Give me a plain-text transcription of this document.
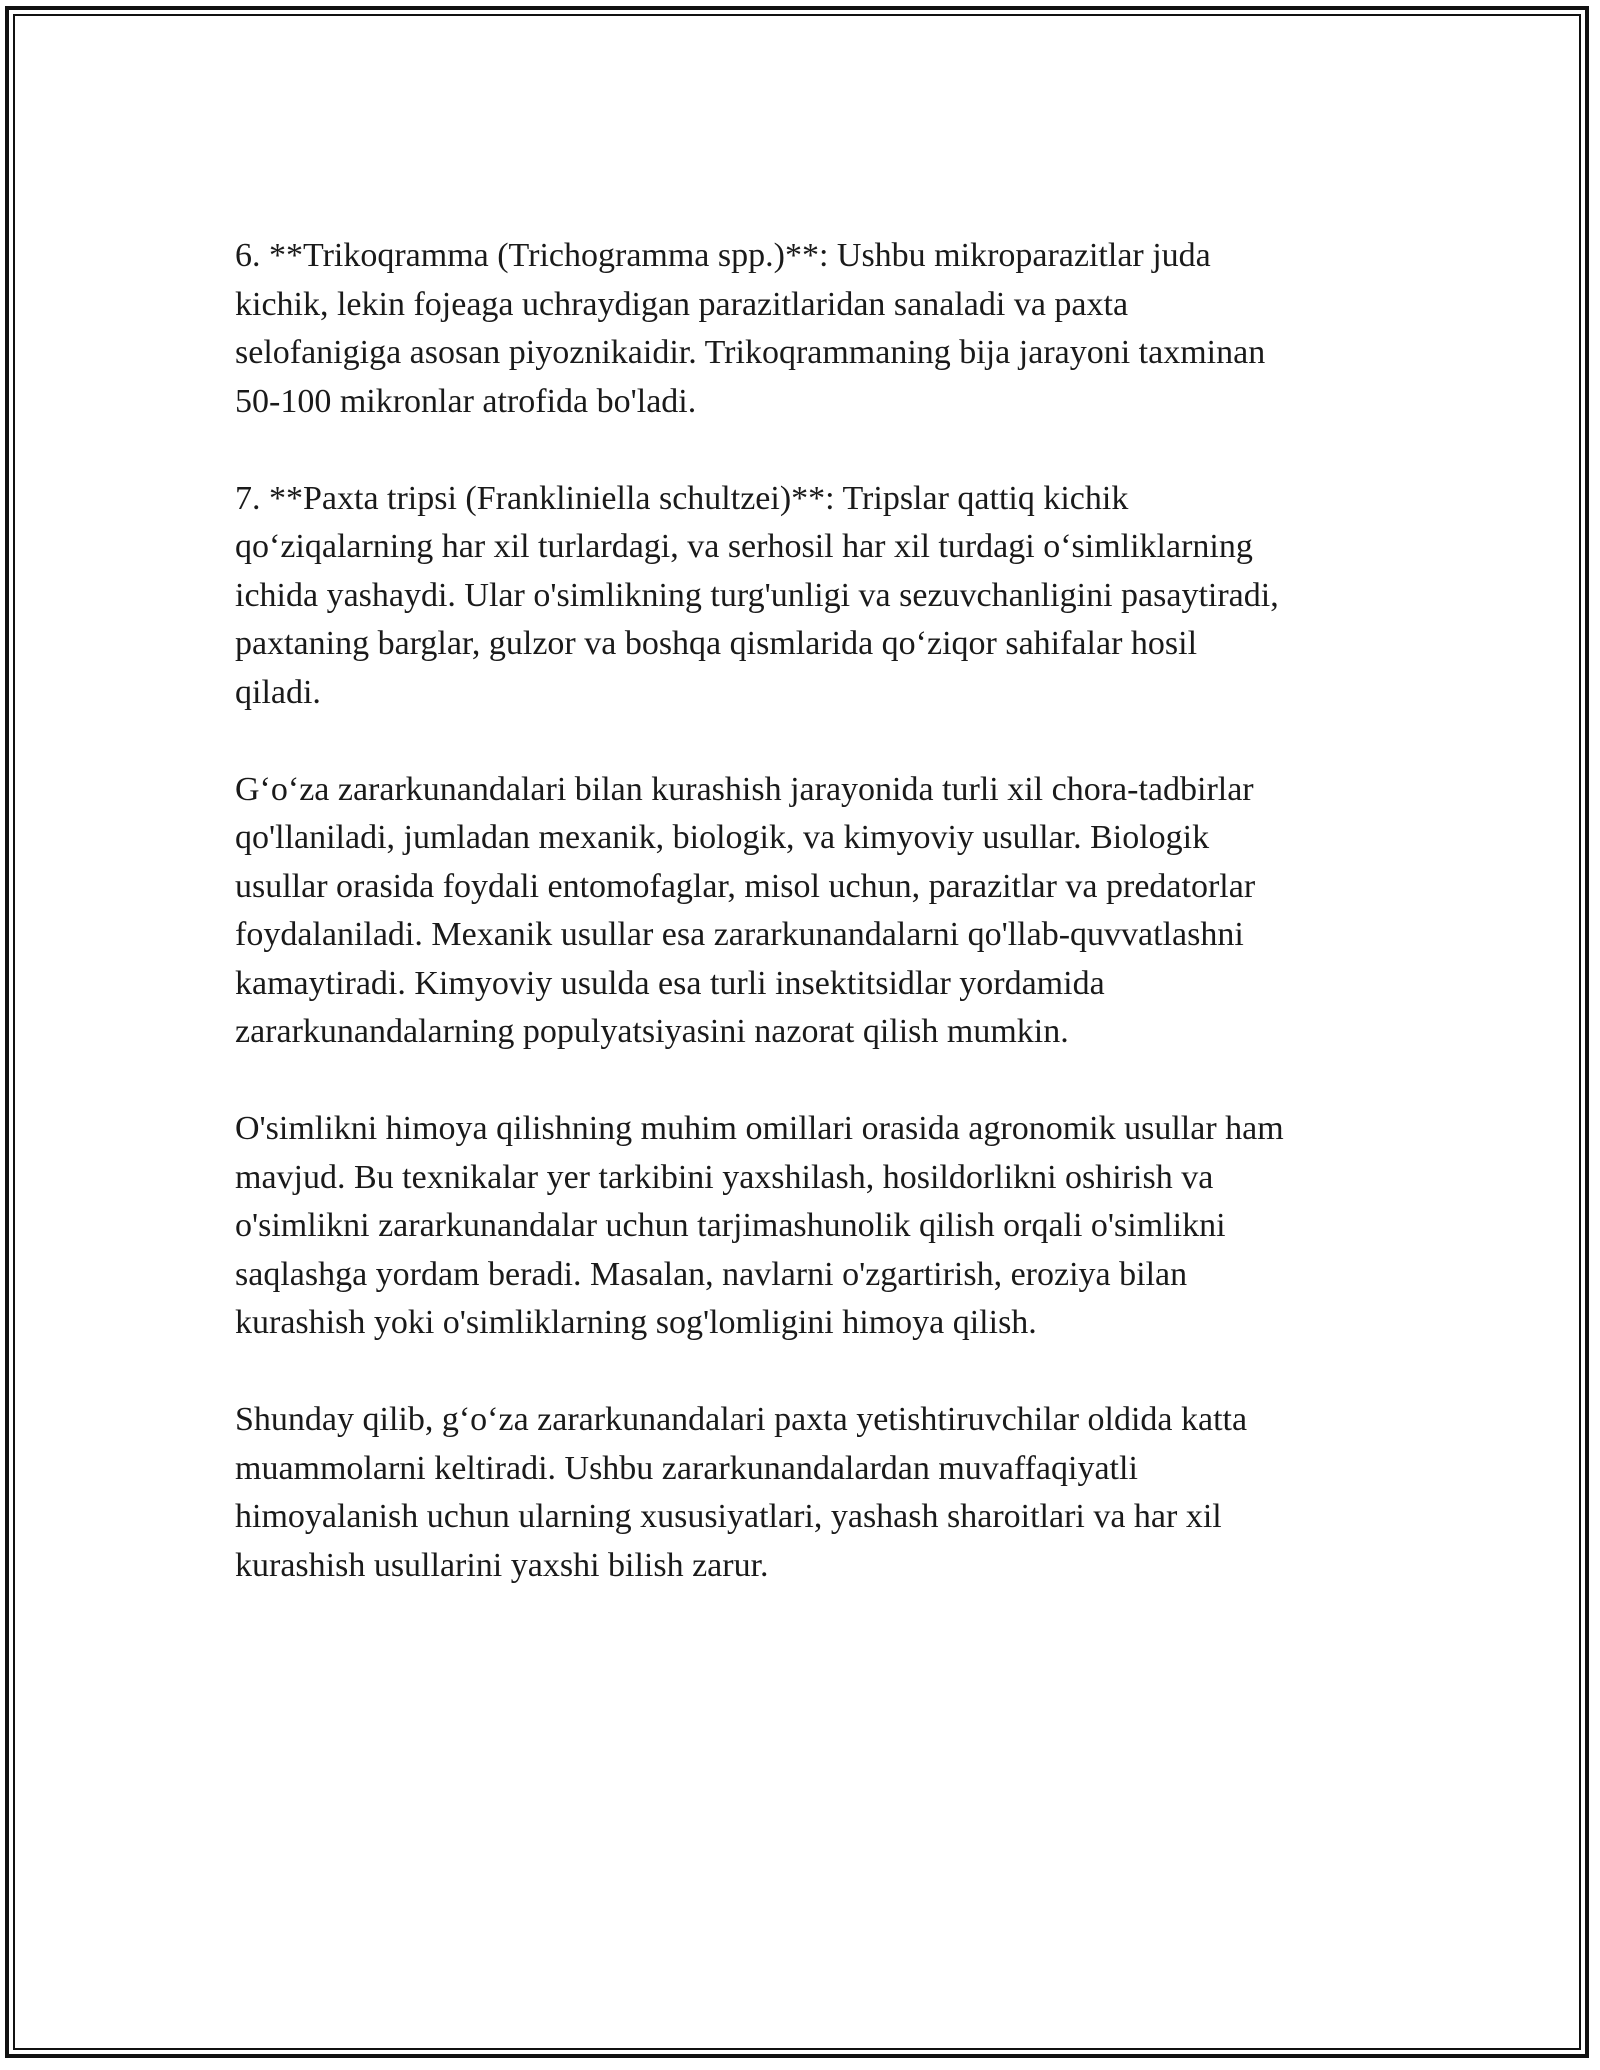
6. **Trikoqramma (Trichogramma spp.)**: Ushbu mikroparazitlar juda
kichik, lekin fojeaga uchraydigan parazitlaridan sanaladi va paxta
selofanigiga asosan piyoznikaidir. Trikoqrammaning bija jarayoni taxminan
50-100 mikronlar atrofida bo'ladi.

7. **Paxta tripsi (Frankliniella schultzei)**: Tripslar qattiq kichik
qo‘ziqalarning har xil turlardagi, va serhosil har xil turdagi o‘simliklarning
ichida yashaydi. Ular o'simlikning turg'unligi va sezuvchanligini pasaytiradi,
paxtaning barglar, gulzor va boshqa qismlarida qo‘ziqor sahifalar hosil
qiladi.

G‘o‘za zararkunandalari bilan kurashish jarayonida turli xil chora-tadbirlar
qo'llaniladi, jumladan mexanik, biologik, va kimyoviy usullar. Biologik
usullar orasida foydali entomofaglar, misol uchun, parazitlar va predatorlar
foydalaniladi. Mexanik usullar esa zararkunandalarni qo'llab-quvvatlashni
kamaytiradi. Kimyoviy usulda esa turli insektitsidlar yordamida
zararkunandalarning populyatsiyasini nazorat qilish mumkin.

O'simlikni himoya qilishning muhim omillari orasida agronomik usullar ham
mavjud. Bu texnikalar yer tarkibini yaxshilash, hosildorlikni oshirish va
o'simlikni zararkunandalar uchun tarjimashunolik qilish orqali o'simlikni
saqlashga yordam beradi. Masalan, navlarni o'zgartirish, eroziya bilan
kurashish yoki o'simliklarning sog'lomligini himoya qilish.

Shunday qilib, g‘o‘za zararkunandalari paxta yetishtiruvchilar oldida katta
muammolarni keltiradi. Ushbu zararkunandalardan muvaffaqiyatli
himoyalanish uchun ularning xususiyatlari, yashash sharoitlari va har xil
kurashish usullarini yaxshi bilish zarur.
